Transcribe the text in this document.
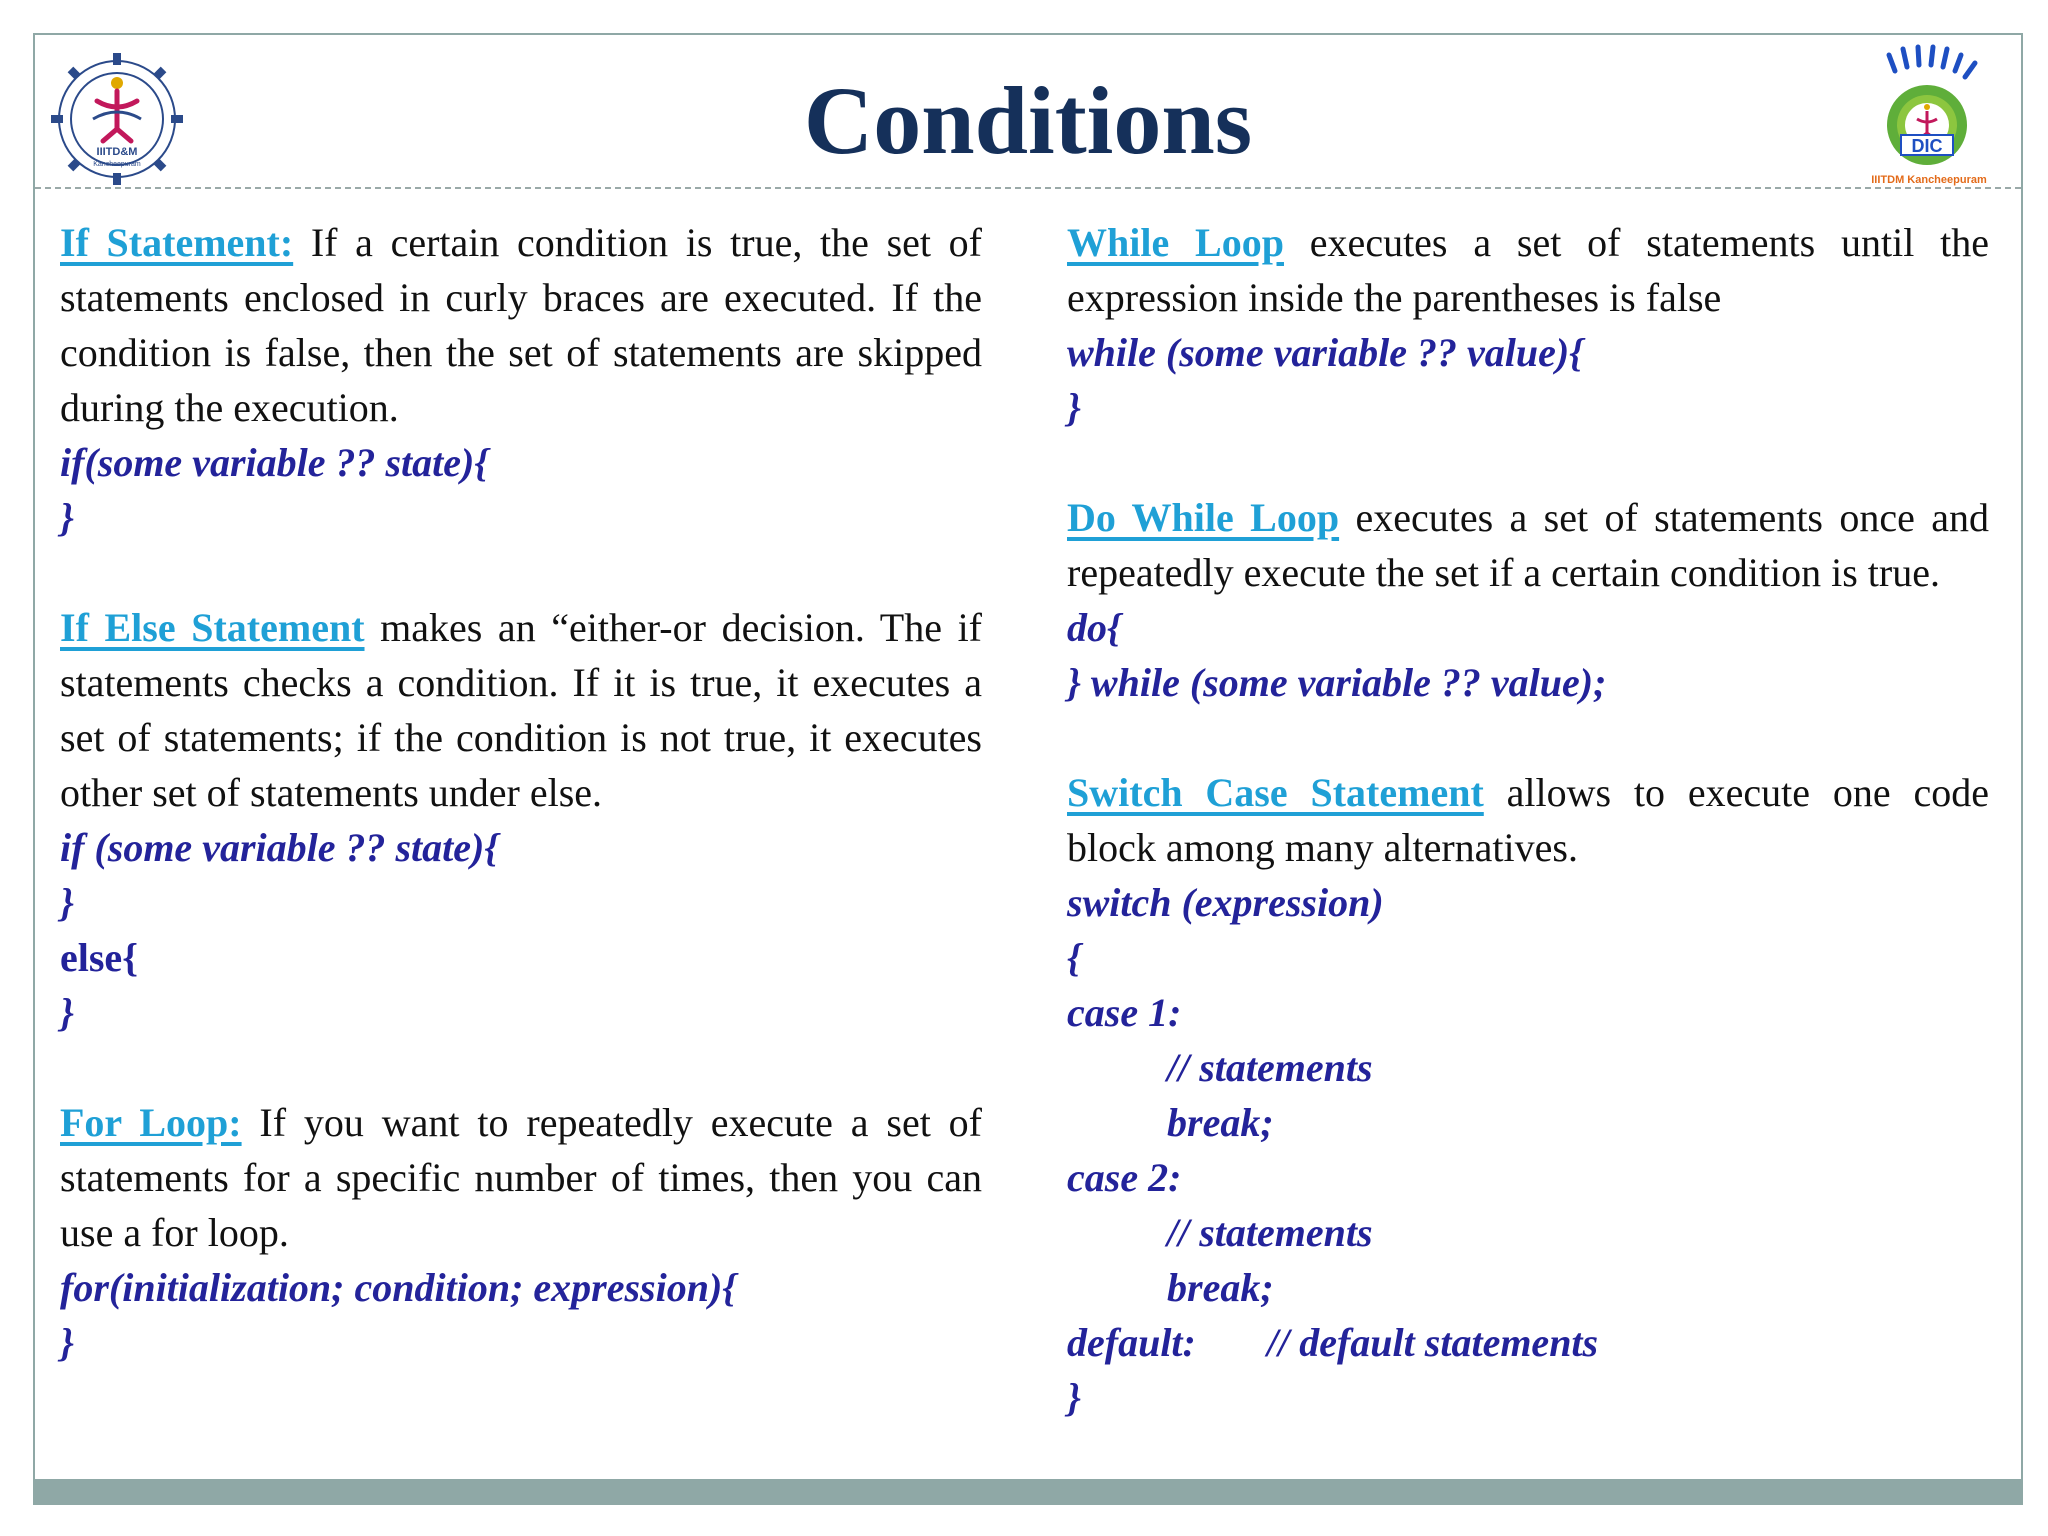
IIITD&M
Kancheepuram	Conditions	DIC
IIITDM Kancheepuram

If Statement: If a certain condition is true, the set of statements enclosed in curly braces are executed. If the condition is false, then the set of statements are skipped during the execution.

if(some variable ?? state){

}

If Else Statement makes an “either-or decision. The if statements checks a condition. If it is true, it executes a set of statements; if the condition is not true, it executes other set of statements under else.

if (some variable ?? state){

}

else{

}

For Loop: If you want to repeatedly execute a set of statements for a specific number of times, then you can use a for loop.

for(initialization; condition; expression){

}

While Loop executes a set of statements until the expression inside the parentheses is false

while (some variable ?? value){

}

Do While Loop executes a set of statements once and repeatedly execute the set if a certain condition is true.

do{

} while (some variable ?? value);

Switch Case Statement allows to execute one code block among many alternatives.

switch (expression)

{

case 1:

// statements

break;

case 2:

// statements

break;

default: // default statements

}
